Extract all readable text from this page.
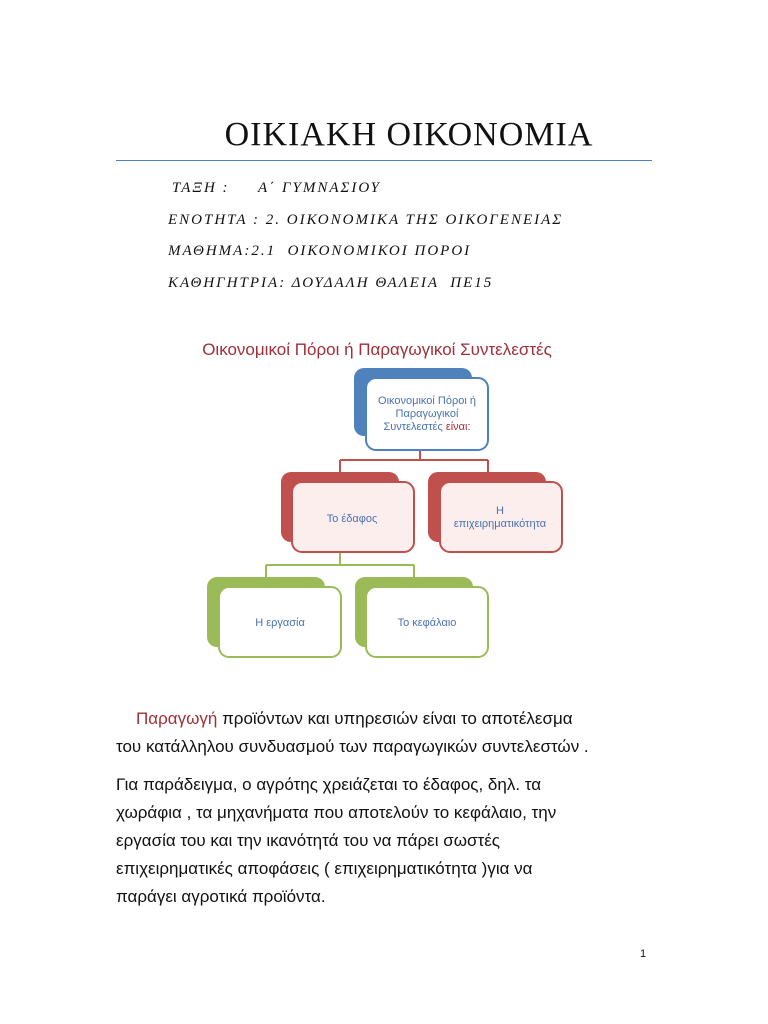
ΟΙΚΙΑΚΗ ΟΙΚΟΝΟΜΙΑ
ΤΑΞΗ :     Α΄ ΓΥΜΝΑΣΙΟΥ
ΕΝΟΤΗΤΑ : 2. ΟΙΚΟΝΟΜΙΚΑ ΤΗΣ ΟΙΚΟΓΕΝΕΙΑΣ
ΜΑΘΗΜΑ:2.1  ΟΙΚΟΝΟΜΙΚΟΙ ΠΟΡΟΙ
ΚΑΘΗΓΗΤΡΙΑ: ΔΟΥΔΑΛΗ ΘΑΛΕΙΑ  ΠΕ15
Οικονομικοί Πόροι ή Παραγωγικοί Συντελεστές
Οικονομικοί Πόροι ή
Παραγωγικοί
Συντελεστές είναι:
Το έδαφος
Η
επιχειρηματικότητα
Η εργασία	Το κεφάλαιο
Παραγωγή προϊόντων και υπηρεσιών είναι το αποτέλεσμα
του κατάλληλου συνδυασμού των παραγωγικών συντελεστών .
Για παράδειγμα, ο αγρότης χρειάζεται το έδαφος, δηλ. τα
χωράφια , τα μηχανήματα που αποτελούν το κεφάλαιο, την
εργασία του και την ικανότητά του να πάρει σωστές
επιχειρηματικές αποφάσεις ( επιχειρηματικότητα )για να
παράγει αγροτικά προϊόντα.
1
